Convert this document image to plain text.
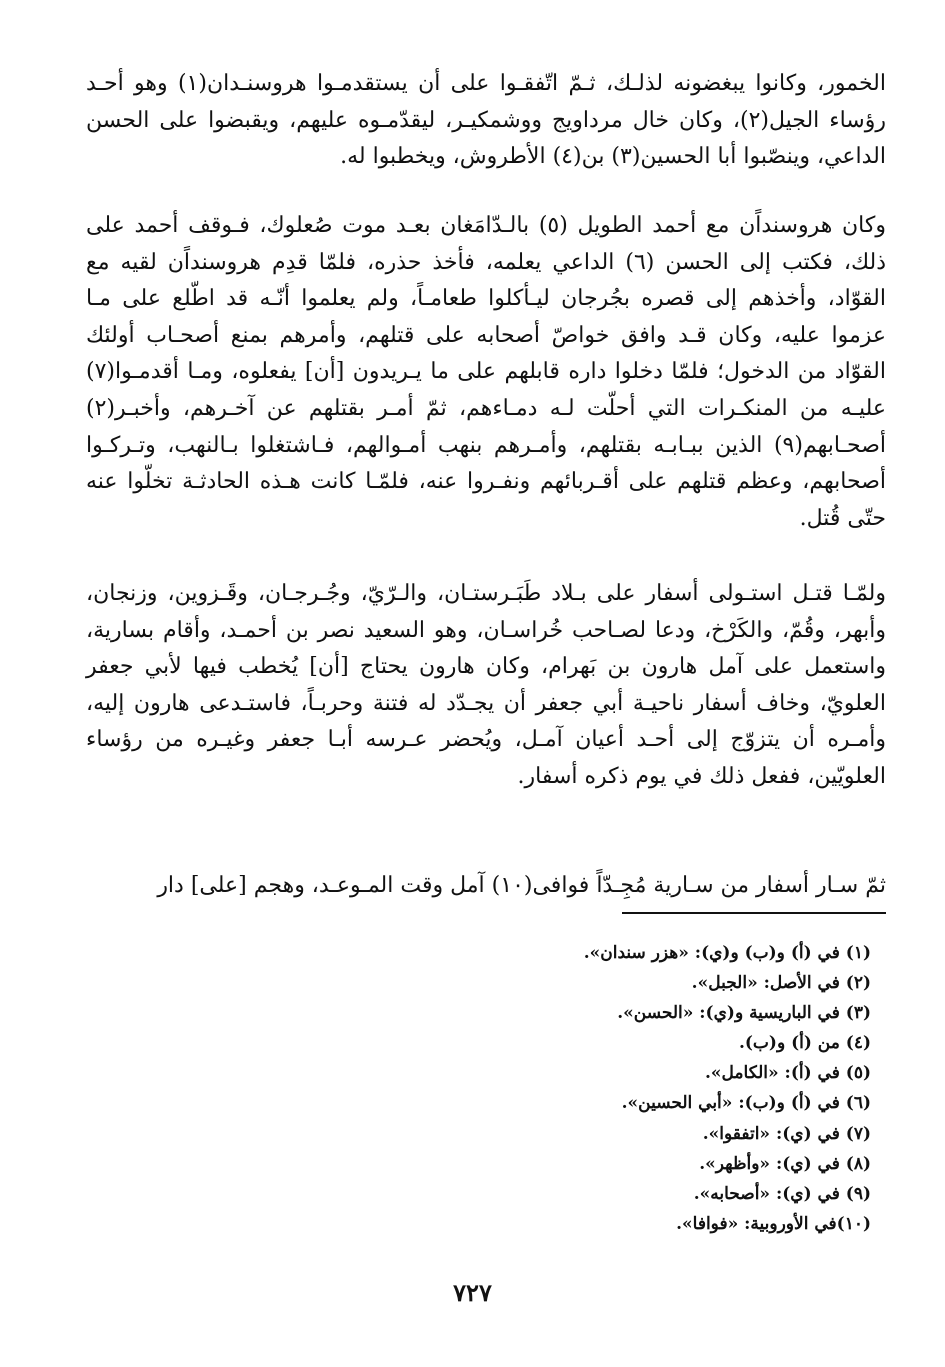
الخمور، وكانوا يبغضونه لذلـك، ثـمّ اتّفقـوا على أن يستقدمـوا هروسنـدان(١) وهو أحـد رؤساء الجيل(٢)، وكان خال مرداويج ووشمكيـر، ليقدّمـوه عليهم، ويقبضوا على الحسن الداعي، وينصّبوا أبا الحسين(٣) بن(٤) الأطروش، ويخطبوا له.

وكان هروسنداًن مع أحمد الطويل (٥) بالـدّامَغان بعـد موت صُعلوك، فـوقف أحمد على ذلك، فكتب إلى الحسن (٦) الداعي يعلمه، فأخذ حذره، فلمّا قدِم هروسنداًن لقيه مع القوّاد، وأخذهم إلى قصره بجُرجان ليـأكلوا طعامـاً، ولم يعلموا أنّـه قد اطّلع على مـا عزموا عليه، وكان قـد وافق خواصّ أصحابه على قتلهم، وأمرهم بمنع أصحـاب أولئك القوّاد من الدخول؛ فلمّا دخلوا داره قابلهم على ما يـريدون [أن] يفعلوه، ومـا أقدمـوا(٧) عليـه من المنكـرات التي أحلّت لـه دمـاءهم، ثمّ أمـر بقتلهم عن آخـرهم، وأخبـر(٢) أصحـابهم(٩) الذين ببـابـه بقتلهم، وأمـرهم بنهب أمـوالهم، فـاشتغلوا بـالنهب، وتـركـوا أصحابهم، وعظم قتلهم على أقـربائهم ونفـروا عنه، فلمّـا كانت هـذه الحادثـة تخلّوا عنه حتّى قُتل.

ولمّـا قتـل استـولى أسفار على بـلاد طَبَـرستـان، والـرّيّ، وجُـرجـان، وقَـزوين، وزنجان، وأبهر، وقُمّ، والكَرْخ، ودعا لصـاحب خُراسـان، وهو السعيد نصر بن أحمـد، وأقام بسارية، واستعمل على آمل هارون بن بَهرام، وكان هارون يحتاج [أن] يُخطب فيها لأبي جعفر العلويّ، وخاف أسفار ناحيـة أبي جعفر أن يجـدّد له فتنة وحربـاً، فاستـدعى هارون إليه، وأمـره أن يتزوّج إلى أحـد أعيان آمـل، ويُحضر عـرسه أبـا جعفر وغيـره من رؤساء العلويّين، ففعل ذلك في يوم ذكره أسفار.

ثمّ سـار أسفار من سـارية مُجِـدّاً فوافى(١٠) آمل وقت المـوعـد، وهجم [على] دار

(١) في (أ) و(ب) و(ي): «هزر سندان».
(٢) في الأصل: «الجبل».
(٣) في الباريسية و(ي): «الحسن».
(٤) من (أ) و(ب).
(٥) في (أ): «الكامل».
(٦) في (أ) و(ب): «أبي الحسين».
(٧) في (ي): «اتفقوا».
(٨) في (ي): «وأظهر».
(٩) في (ي): «أصحابه».
(١٠)في الأوروبية: «فوافا».
٧٢٧
